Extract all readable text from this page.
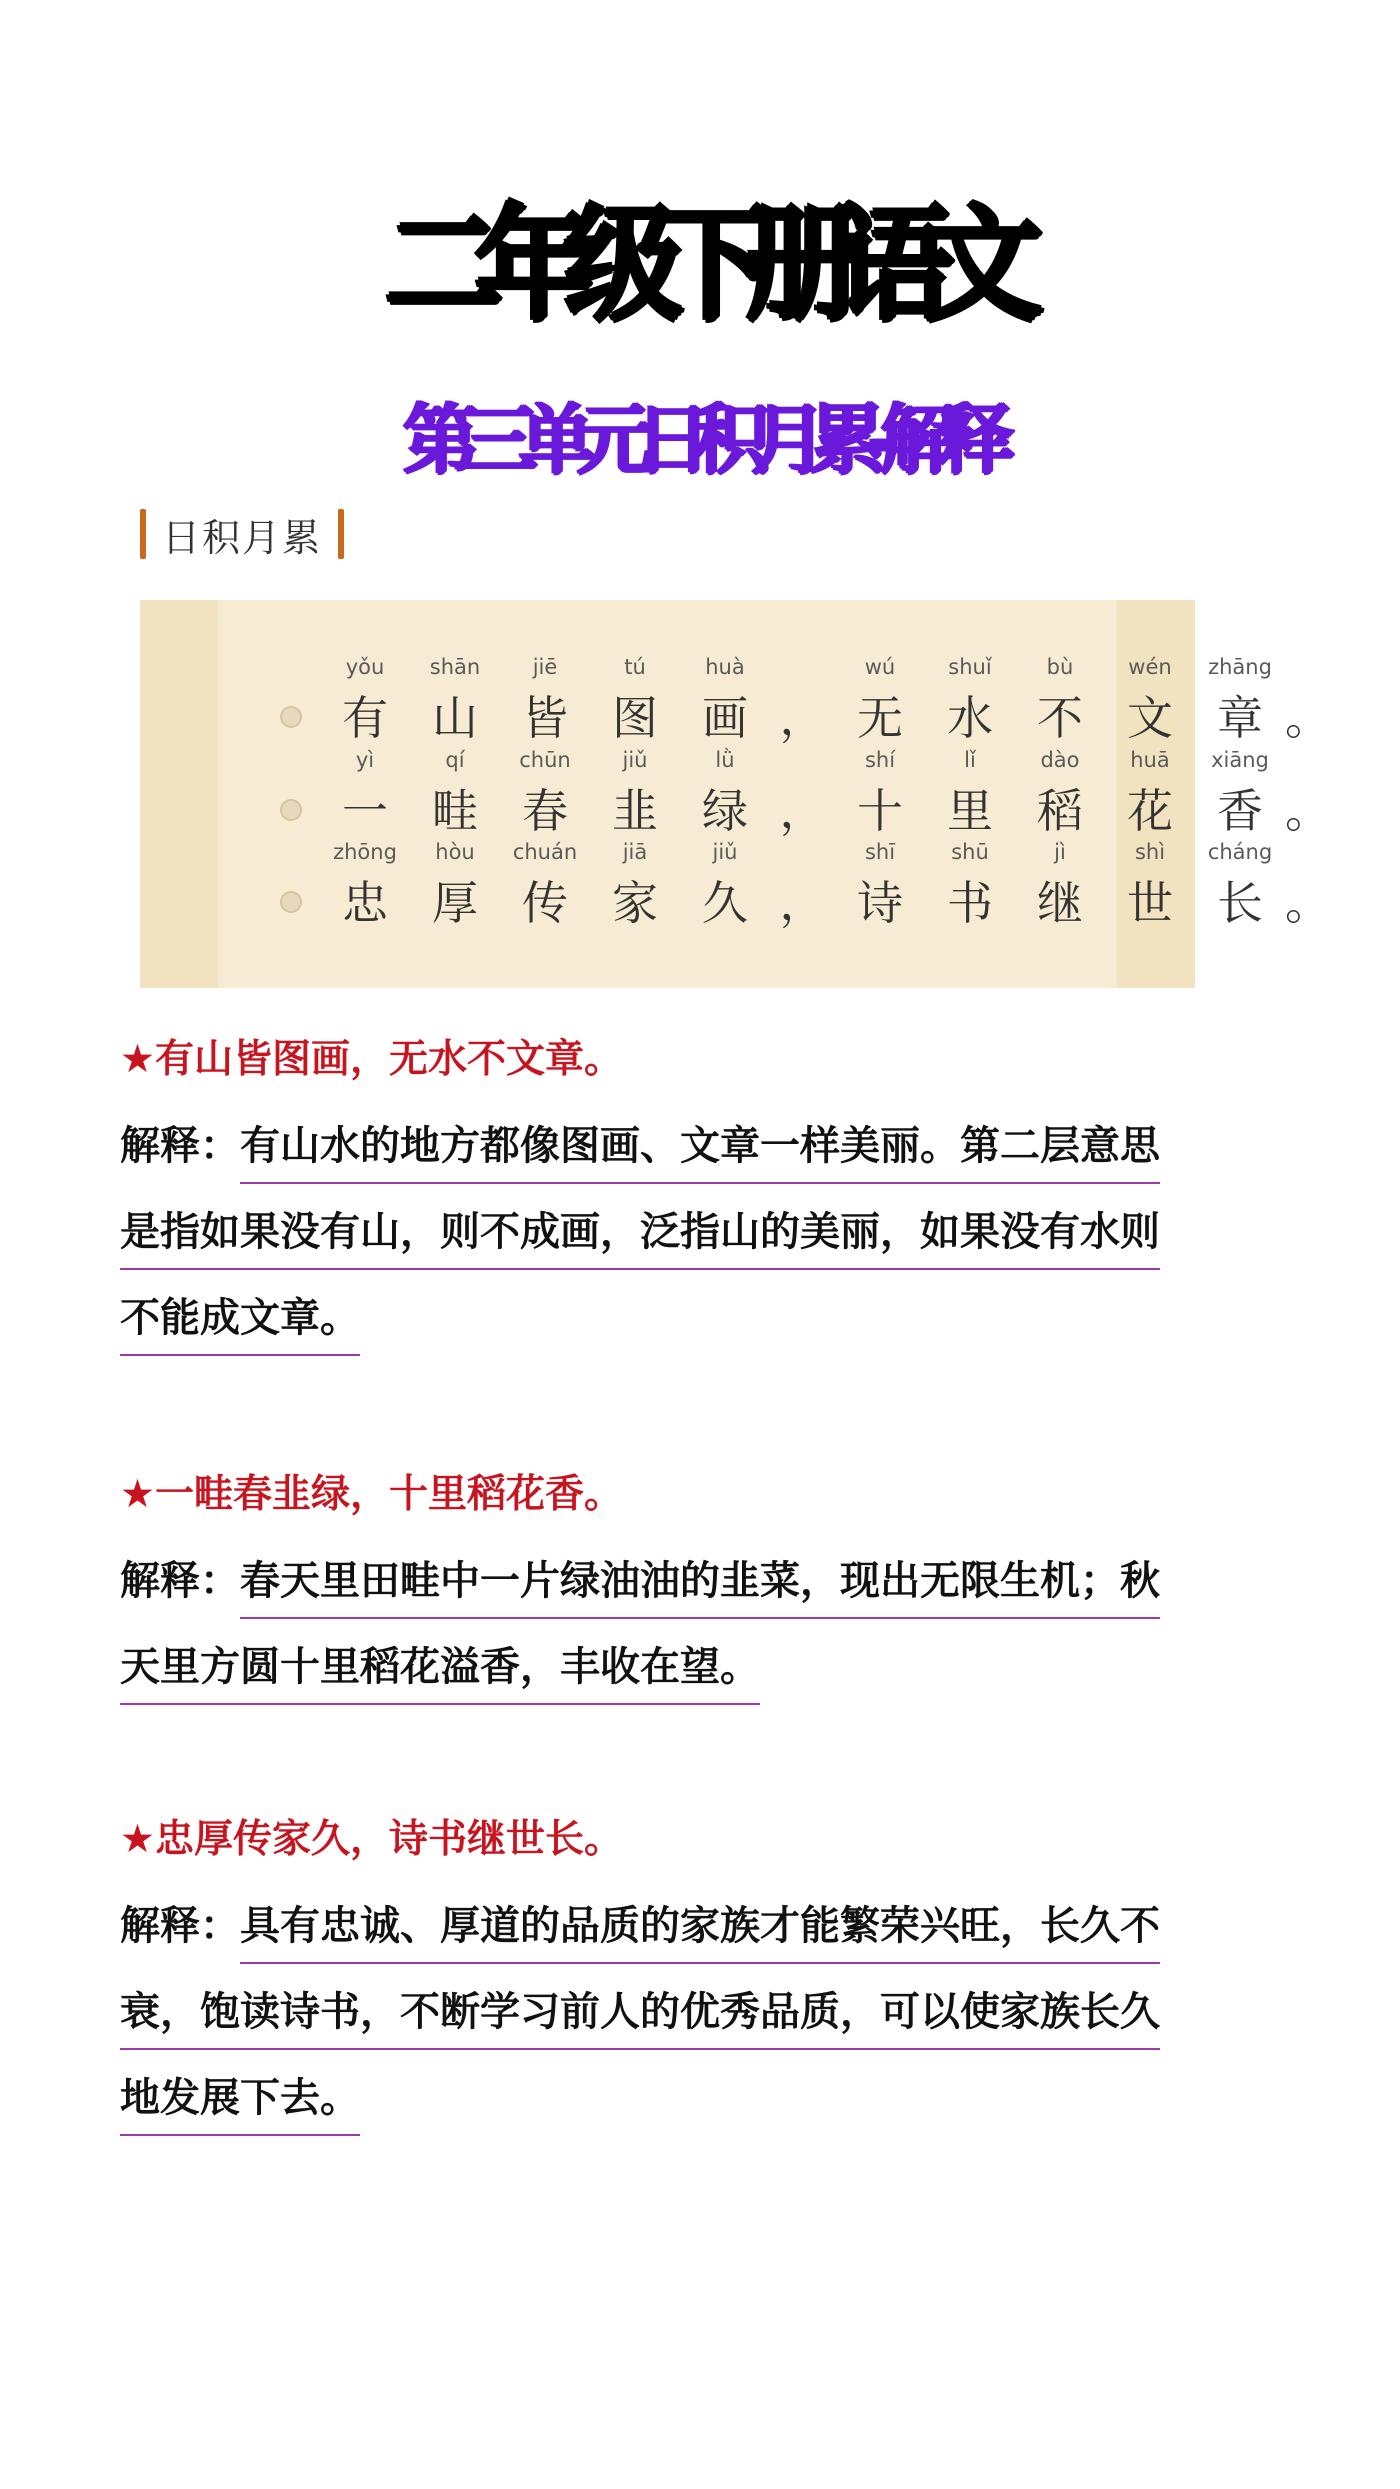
二年级下册语文
第三单元日积月累-解释
日积月累
yǒu
有
shān
山
jiē
皆
tú
图
huà
画 ，
wú
无
shuǐ
水
bù
不
wén
文
zhāng
章 。
yì
一
qí
畦
chūn
春
jiǔ
韭
lǜ
绿 ，
shí
十
lǐ
里
dào
稻
huā
花
xiāng
香 。
zhōng
忠
hòu
厚
chuán
传
jiā
家
jiǔ
久 ，
shī
诗
shū
书
jì
继
shì
世
cháng
长 。
★有山皆图画，无水不文章。
解释：有山水的地方都像图画、文章一样美丽。第二层意思
是指如果没有山，则不成画，泛指山的美丽，如果没有水则
不能成文章。
★一畦春韭绿，十里稻花香。
解释：春天里田畦中一片绿油油的韭菜，现出无限生机；秋
天里方圆十里稻花溢香，丰收在望。
★忠厚传家久，诗书继世长。
解释：具有忠诚、厚道的品质的家族才能繁荣兴旺，长久不
衰，饱读诗书，不断学习前人的优秀品质，可以使家族长久
地发展下去。
